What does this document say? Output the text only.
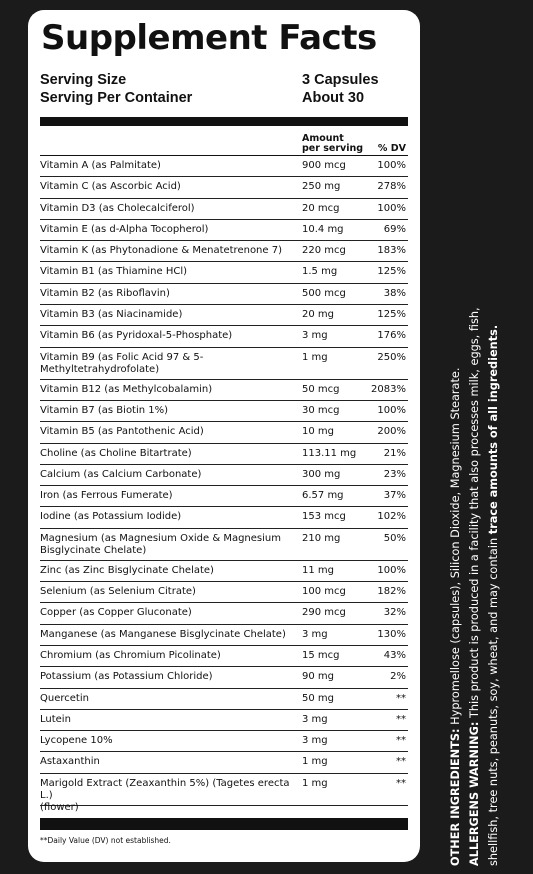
Supplement Facts
Serving Size	3 Capsules
Serving Per Container	About 30
Amount
per serving	% DV
Vitamin A (as Palmitate)	900 mcg	100%
Vitamin C (as Ascorbic Acid)	250 mg	278%
Vitamin D3 (as Cholecalciferol)	20 mcg	100%
Vitamin E (as d-Alpha Tocopherol)	10.4 mg	69%
Vitamin K (as Phytonadione & Menatetrenone 7)	220 mcg	183%
Vitamin B1 (as Thiamine HCl)	1.5 mg	125%
Vitamin B2 (as Riboflavin)	500 mcg	38%
Vitamin B3 (as Niacinamide)	20 mg	125%
Vitamin B6 (as Pyridoxal-5-Phosphate)	3 mg	176%
Vitamin B9 (as Folic Acid 97 & 5-
Methyltetrahydrofolate)
1 mg	250%
Vitamin B12 (as Methylcobalamin)	50 mcg	2083%
Vitamin B7 (as Biotin 1%)	30 mcg	100%
Vitamin B5 (as Pantothenic Acid)	10 mg	200%
Choline (as Choline Bitartrate)	113.11 mg	21%
Calcium (as Calcium Carbonate)	300 mg	23%
Iron (as Ferrous Fumerate)	6.57 mg	37%
Iodine (as Potassium Iodide)	153 mcg	102%
Magnesium (as Magnesium Oxide & Magnesium
Bisglycinate Chelate)
210 mg	50%
Zinc (as Zinc Bisglycinate Chelate)	11 mg	100%
Selenium (as Selenium Citrate)	100 mcg	182%
Copper (as Copper Gluconate)	290 mcg	32%
Manganese (as Manganese Bisglycinate Chelate)	3 mg	130%
Chromium (as Chromium Picolinate)	15 mcg	43%
Potassium (as Potassium Chloride)	90 mg	2%
Quercetin	50 mg	**
Lutein	3 mg	**
Lycopene 10%	3 mg	**
Astaxanthin	1 mg	**
Marigold Extract (Zeaxanthin 5%) (Tagetes erecta L.)
(flower)
1 mg	**
**Daily Value (DV) not established.	OTHER INGREDIENTS: Hypromellose (capsules), Silicon Dioxide, Magnesium Stearate.
ALLERGENS WARNING: This product is produced in a facility that also processes milk, eggs, fish, shellfish, tree nuts, peanuts, soy, wheat, and may contain trace amounts of all ingredients.
